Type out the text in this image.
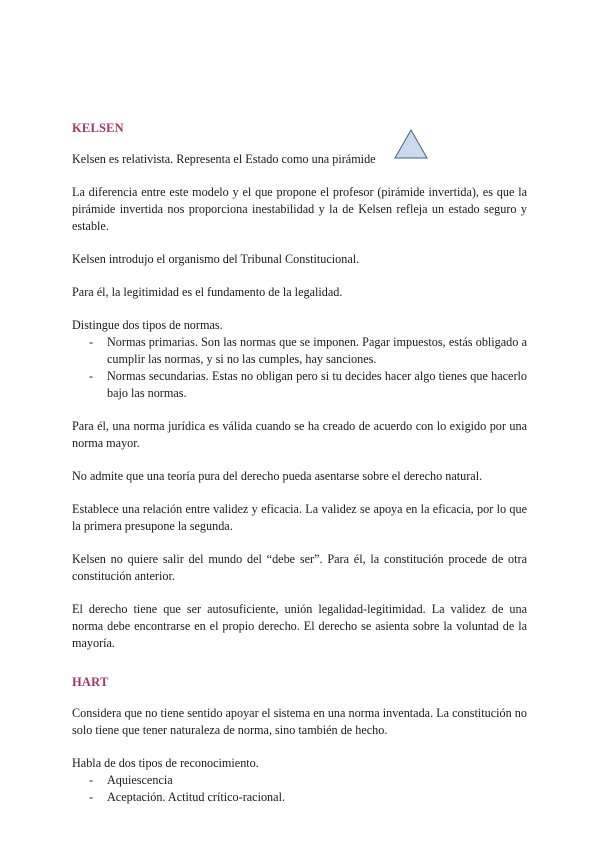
KELSEN

Kelsen es relativista. Representa el Estado como una pirámide

La diferencia entre este modelo y el que propone el profesor (pirámide invertida), es que la pirámide invertida nos proporciona inestabilidad y la de Kelsen refleja un estado seguro y estable.

Kelsen introdujo el organismo del Tribunal Constitucional.

Para él, la legitimidad es el fundamento de la legalidad.

Distingue dos tipos de normas.

- Normas primarias. Son las normas que se imponen. Pagar impuestos, estás obligado a cumplir las normas, y si no las cumples, hay sanciones.
- Normas secundarias. Estas no obligan pero si tu decides hacer algo tienes que hacerlo bajo las normas.

Para él, una norma jurídica es válida cuando se ha creado de acuerdo con lo exigido por una norma mayor.

No admite que una teoría pura del derecho pueda asentarse sobre el derecho natural.

Establece una relación entre validez y eficacia. La validez se apoya en la eficacia, por lo que la primera presupone la segunda.

Kelsen no quiere salir del mundo del “debe ser”. Para él, la constitución procede de otra constitución anterior.

El derecho tiene que ser autosuficiente, unión legalidad-legitimidad. La validez de una norma debe encontrarse en el propio derecho. El derecho se asienta sobre la voluntad de la mayoría.

HART

Considera que no tiene sentido apoyar el sistema en una norma inventada. La constitución no solo tiene que tener naturaleza de norma, sino también de hecho.

Habla de dos tipos de reconocimiento.

- Aquiescencia
- Aceptación. Actitud crítico-racional.
